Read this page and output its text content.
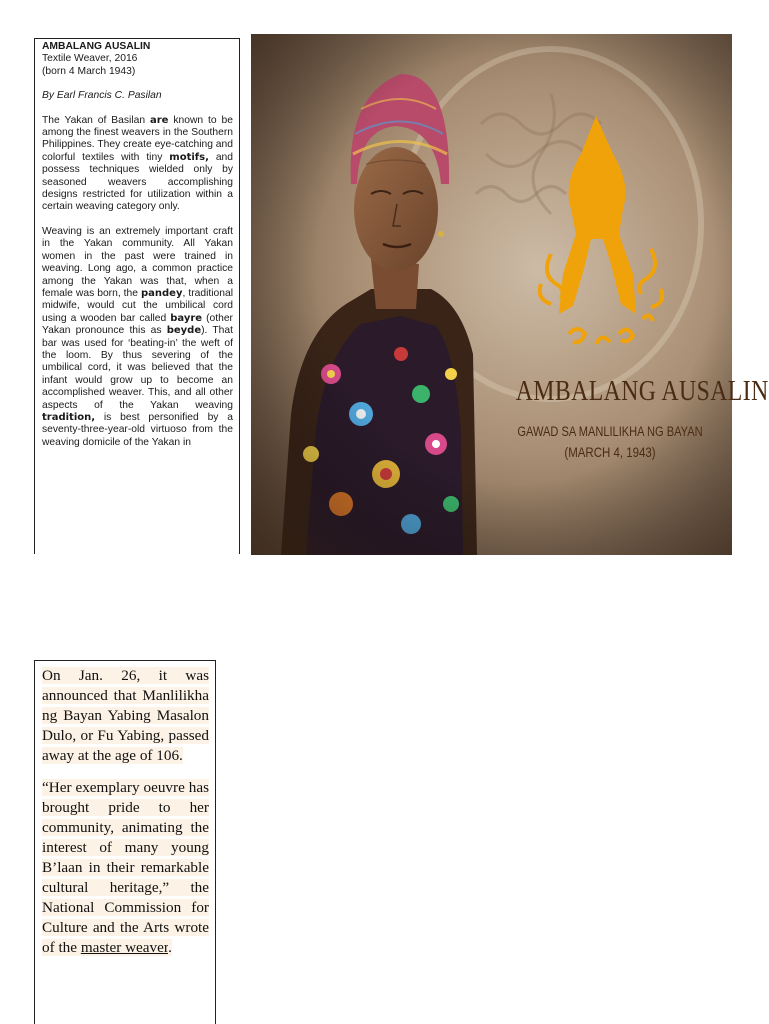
AMBALANG AUSALIN

Textile Weaver, 2016

(born 4 March 1943)

By Earl Francis C. Pasilan

The Yakan of Basilan are known to be among the finest weavers in the Southern Philippines. They create eye-catching and colorful textiles with tiny motifs, and possess techniques wielded only by seasoned weavers accomplishing designs restricted for utilization within a certain weaving category only.

Weaving is an extremely important craft in the Yakan community. All Yakan women in the past were trained in weaving. Long ago, a common practice among the Yakan was that, when a female was born, the pandey, traditional midwife, would cut the umbilical cord using a wooden bar called bayre (other Yakan pronounce this as beyde). That bar was used for ‘beating-in’ the weft of the loom. By thus severing of the umbilical cord, it was believed that the infant would grow up to become an accomplished weaver. This, and all other aspects of the Yakan weaving tradition, is best personified by a seventy-three-year-old virtuoso from the weaving domicile of the Yakan in

AMBALANG AUSALIN
GAWAD SA MANLILIKHA NG BAYAN
(MARCH 4, 1943)

On Jan. 26, it was announced that Manlilikha ng Bayan Yabing Masalon Dulo, or Fu Yabing, passed away at the age of 106.

“Her exemplary oeuvre has brought pride to her community, animating the interest of many young B’laan in their remarkable cultural heritage,” the National Commission for Culture and the Arts wrote of the master weaver.
